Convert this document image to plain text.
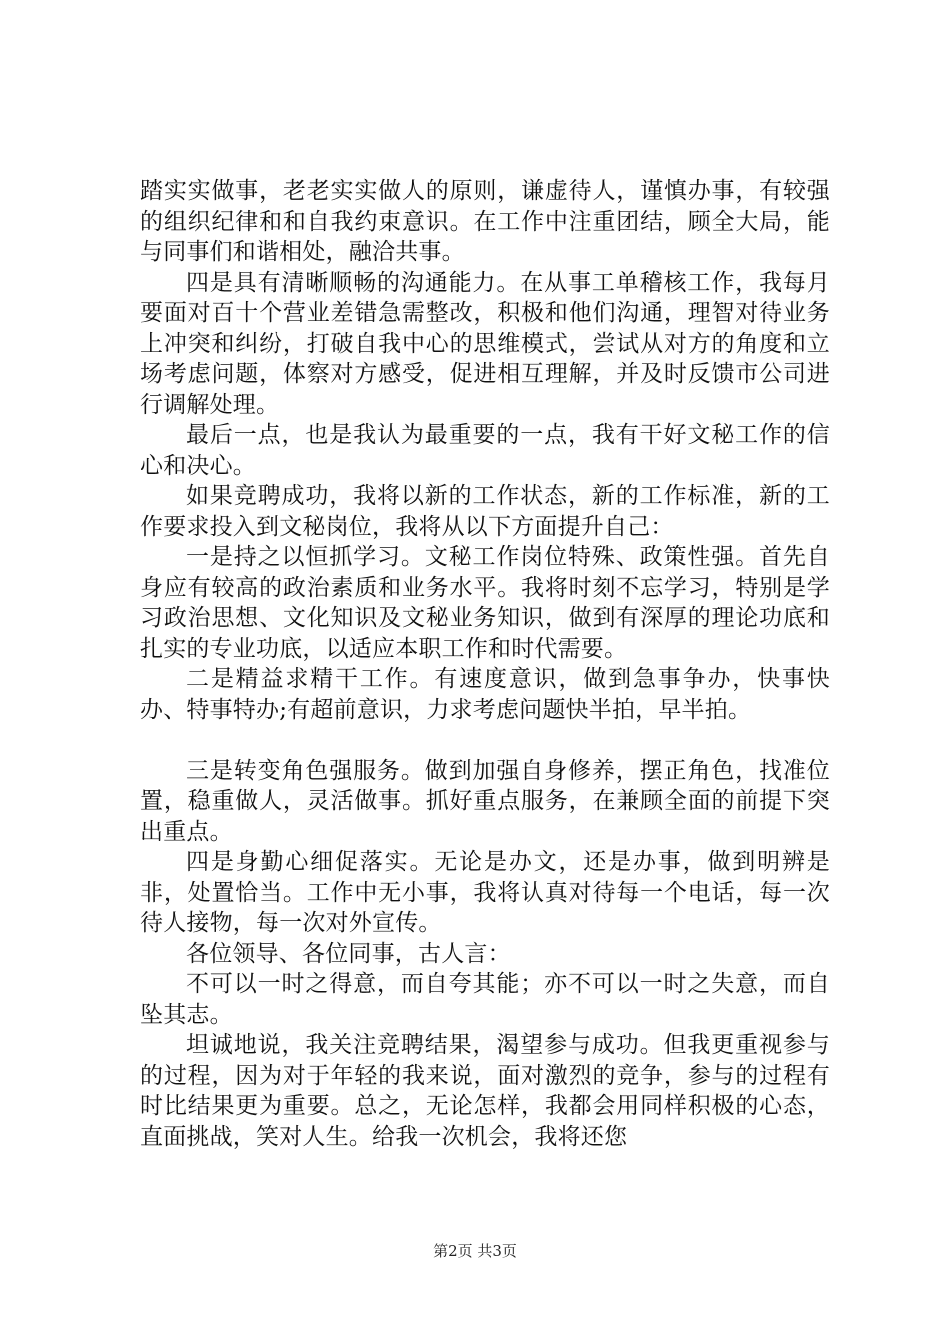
踏实实做事，老老实实做人的原则，谦虚待人，谨慎办事，有较强的组织纪律和和自我约束意识。在工作中注重团结，顾全大局，能与同事们和谐相处，融洽共事。

四是具有清晰顺畅的沟通能力。在从事工单稽核工作，我每月要面对百十个营业差错急需整改，积极和他们沟通，理智对待业务上冲突和纠纷，打破自我中心的思维模式，尝试从对方的角度和立场考虑问题，体察对方感受，促进相互理解，并及时反馈市公司进行调解处理。

最后一点，也是我认为最重要的一点，我有干好文秘工作的信心和决心。

如果竞聘成功，我将以新的工作状态，新的工作标准，新的工作要求投入到文秘岗位，我将从以下方面提升自己：

一是持之以恒抓学习。文秘工作岗位特殊、政策性强。首先自身应有较高的政治素质和业务水平。我将时刻不忘学习，特别是学习政治思想、文化知识及文秘业务知识，做到有深厚的理论功底和扎实的专业功底，以适应本职工作和时代需要。

二是精益求精干工作。有速度意识，做到急事争办，快事快办、特事特办;有超前意识，力求考虑问题快半拍，早半拍。

三是转变角色强服务。做到加强自身修养，摆正角色，找准位置，稳重做人，灵活做事。抓好重点服务，在兼顾全面的前提下突出重点。

四是身勤心细促落实。无论是办文，还是办事，做到明辨是非，处置恰当。工作中无小事，我将认真对待每一个电话，每一次待人接物，每一次对外宣传。

各位领导、各位同事，古人言：

不可以一时之得意，而自夸其能；亦不可以一时之失意，而自坠其志。

坦诚地说，我关注竞聘结果，渴望参与成功。但我更重视参与的过程，因为对于年轻的我来说，面对激烈的竞争，参与的过程有时比结果更为重要。总之，无论怎样，我都会用同样积极的心态，直面挑战，笑对人生。给我一次机会，我将还您

第2页 共3页
